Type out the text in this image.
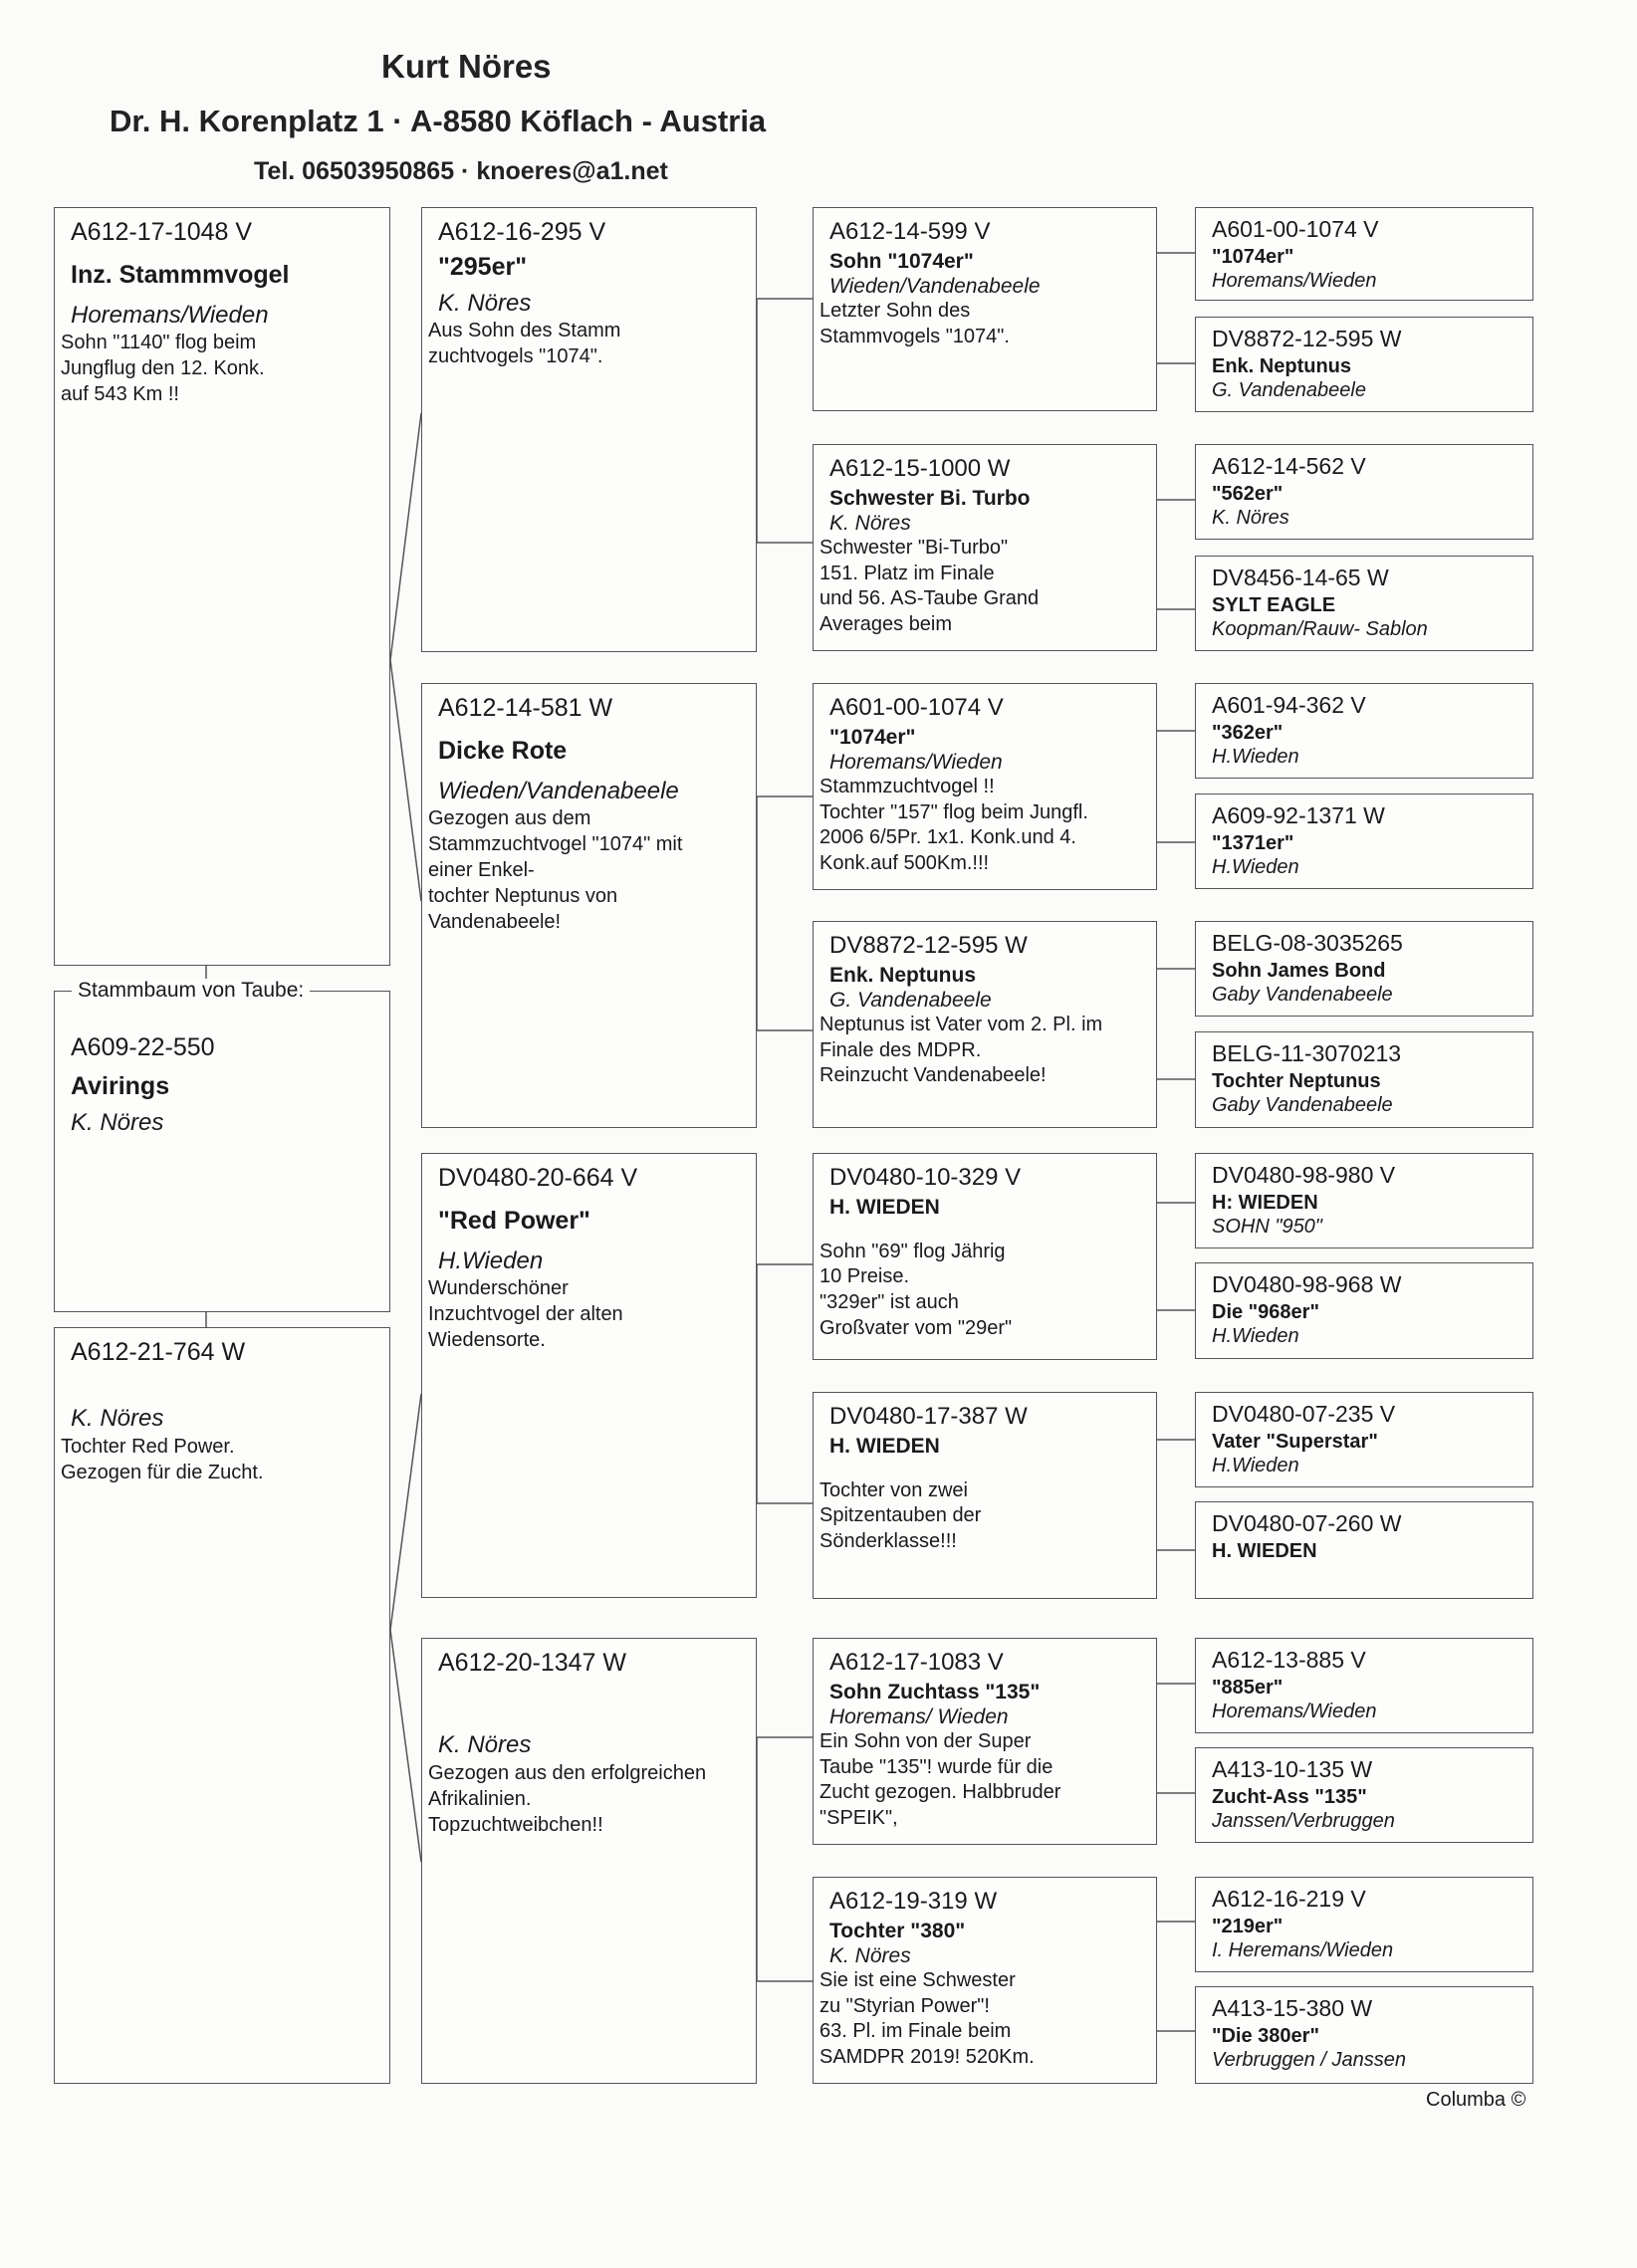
Kurt Nöres
Dr. H. Korenplatz 1 · A-8580 Köflach - Austria
Tel. 06503950865 · knoeres@a1.net
A612-17-1048 V
Inz. Stammmvogel
Horemans/Wieden
Sohn "1140" flog beim
Jungflug den 12. Konk.
auf 543 Km !!
A609-22-550
Avirings
K. Nöres
Stammbaum von Taube:
A612-21-764 W
K. Nöres
Tochter Red Power.
Gezogen für die Zucht.
A612-16-295 V
"295er"
K. Nöres
Aus Sohn des Stamm
zuchtvogels "1074".
A612-14-581 W
Dicke Rote
Wieden/Vandenabeele
Gezogen aus dem
Stammzuchtvogel "1074" mit
einer Enkel-
tochter Neptunus von
Vandenabeele!
DV0480-20-664 V
"Red Power"
H.Wieden
Wunderschöner
Inzuchtvogel der alten
Wiedensorte.
A612-20-1347 W
K. Nöres
Gezogen aus den erfolgreichen
Afrikalinien.
Topzuchtweibchen!!
A612-14-599 V
Sohn "1074er"
Wieden/Vandenabeele
Letzter Sohn des
Stammvogels "1074".
A612-15-1000 W
Schwester Bi. Turbo
K. Nöres
Schwester "Bi-Turbo"
151. Platz im Finale
und 56. AS-Taube Grand
Averages beim
A601-00-1074 V
"1074er"
Horemans/Wieden
Stammzuchtvogel !!
Tochter "157" flog beim Jungfl.
2006 6/5Pr. 1x1. Konk.und 4.
Konk.auf 500Km.!!!
DV8872-12-595 W
Enk. Neptunus
G. Vandenabeele
Neptunus ist Vater vom 2. Pl. im
Finale des MDPR.
Reinzucht Vandenabeele!
DV0480-10-329 V
H. WIEDEN
Sohn "69" flog Jährig
10 Preise.
"329er" ist auch
Großvater vom "29er"
DV0480-17-387 W
H. WIEDEN
Tochter von zwei
Spitzentauben der
Sönderklasse!!!
A612-17-1083 V
Sohn Zuchtass "135"
Horemans/ Wieden
Ein Sohn von der Super
Taube "135"! wurde für die
Zucht gezogen. Halbbruder
"SPEIK",
A612-19-319 W
Tochter "380"
K. Nöres
Sie ist eine Schwester
zu "Styrian Power"!
63. Pl. im Finale beim
SAMDPR 2019! 520Km.
A601-00-1074 V
"1074er"
Horemans/Wieden
DV8872-12-595 W
Enk. Neptunus
G. Vandenabeele
A612-14-562 V
"562er"
K. Nöres
DV8456-14-65 W
SYLT EAGLE
Koopman/Rauw- Sablon
A601-94-362 V
"362er"
H.Wieden
A609-92-1371 W
"1371er"
H.Wieden
BELG-08-3035265
Sohn James Bond
Gaby Vandenabeele
BELG-11-3070213
Tochter Neptunus
Gaby Vandenabeele
DV0480-98-980 V
H: WIEDEN
SOHN "950"
DV0480-98-968 W
Die "968er"
H.Wieden
DV0480-07-235 V
Vater "Superstar"
H.Wieden
DV0480-07-260 W
H. WIEDEN
A612-13-885 V
"885er"
Horemans/Wieden
A413-10-135 W
Zucht-Ass "135"
Janssen/Verbruggen
A612-16-219 V
"219er"
I. Heremans/Wieden
A413-15-380 W
"Die 380er"
Verbruggen / Janssen
Columba ©
